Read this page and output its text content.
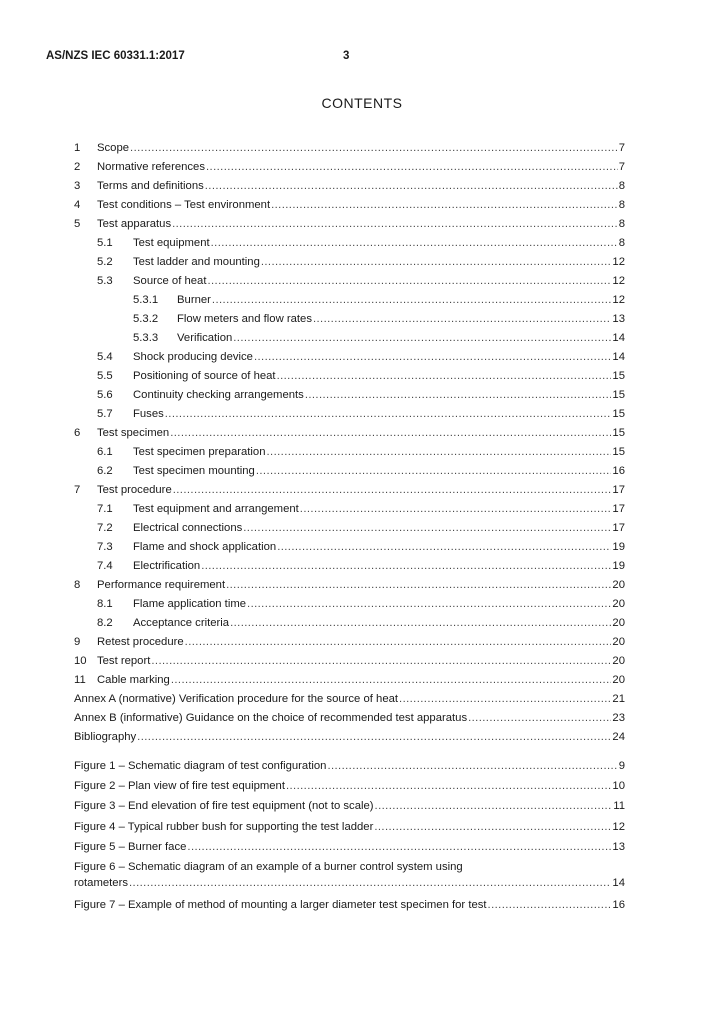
AS/NZS IEC 60331.1:2017	3
CONTENTS
1 Scope .....	7
2 Normative references .....	7
3 Terms and definitions .....	8
4 Test conditions – Test environment .....	8
5 Test apparatus .....	8
5.1 Test equipment .....	8
5.2 Test ladder and mounting .....	12
5.3 Source of heat .....	12
5.3.1 Burner .....	12
5.3.2 Flow meters and flow rates .....	13
5.3.3 Verification .....	14
5.4 Shock producing device .....	14
5.5 Positioning of source of heat .....	15
5.6 Continuity checking arrangements .....	15
5.7 Fuses .....	15
6 Test specimen .....	15
6.1 Test specimen preparation .....	15
6.2 Test specimen mounting .....	16
7 Test procedure .....	17
7.1 Test equipment and arrangement .....	17
7.2 Electrical connections .....	17
7.3 Flame and shock application .....	19
7.4 Electrification .....	19
8 Performance requirement .....	20
8.1 Flame application time .....	20
8.2 Acceptance criteria .....	20
9 Retest procedure .....	20
10 Test report .....	20
11 Cable marking .....	20
Annex A (normative) Verification procedure for the source of heat .....	21
Annex B (informative) Guidance on the choice of recommended test apparatus .....	23
Bibliography .....	24
Figure 1 – Schematic diagram of test configuration .....	9
Figure 2 – Plan view of fire test equipment .....	10
Figure 3 – End elevation of fire test equipment (not to scale) .....	11
Figure 4 – Typical rubber bush for supporting the test ladder .....	12
Figure 5 – Burner face .....	13
Figure 6 – Schematic diagram of an example of a burner control system using
rotameters .....	14
Figure 7 – Example of method of mounting a larger diameter test specimen for test .....	16
